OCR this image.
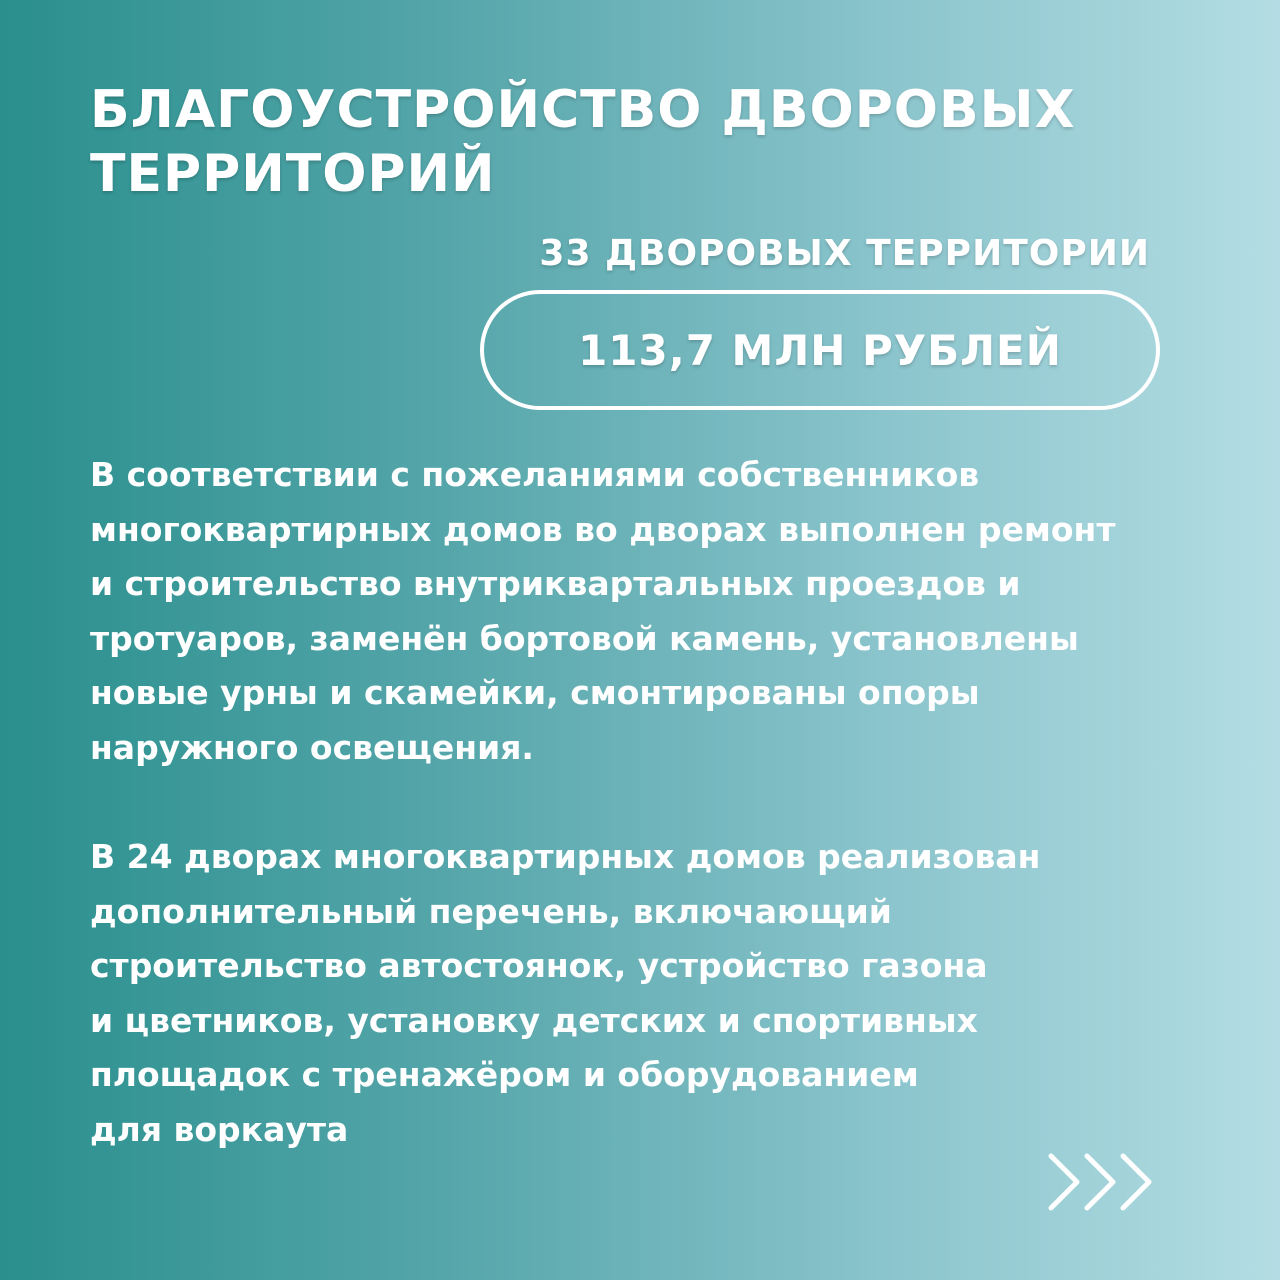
БЛАГОУСТРОЙСТВО ДВОРОВЫХ ТЕРРИТОРИЙ
33 ДВОРОВЫХ ТЕРРИТОРИИ
113,7 МЛН РУБЛЕЙ

В соответствии с пожеланиями собственников
многоквартирных домов во дворах выполнен ремонт
и строительство внутриквартальных проездов и
тротуаров, заменён бортовой камень, установлены
новые урны и скамейки, смонтированы опоры
наружного освещения.

В 24 дворах многоквартирных домов реализован
дополнительный перечень, включающий
строительство автостоянок, устройство газона
и цветников, установку детских и спортивных
площадок с тренажёром и оборудованием
для воркаута
